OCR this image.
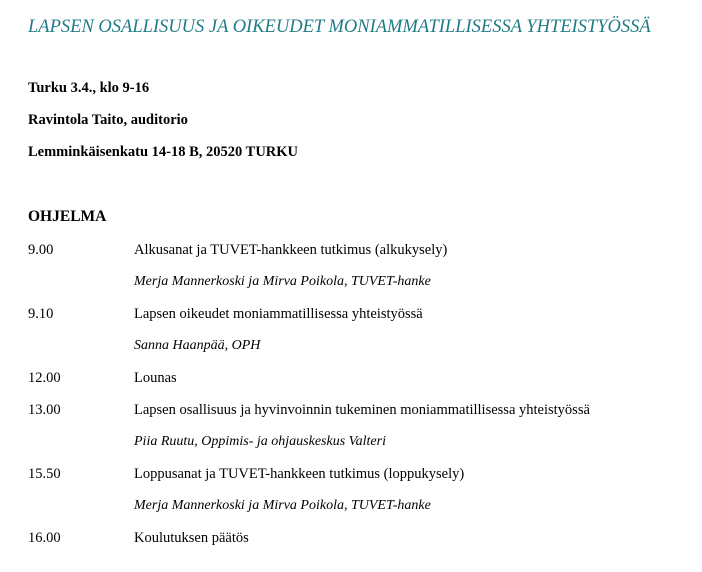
LAPSEN OSALLISUUS JA OIKEUDET MONIAMMATILLISESSA YHTEISTYÖSSÄ
Turku 3.4., klo 9-16
Ravintola Taito, auditorio
Lemminkäisenkatu 14-18 B, 20520 TURKU
OHJELMA
9.00	Alkusanat ja TUVET-hankkeen tutkimus (alkukysely)
Merja Mannerkoski ja Mirva Poikola, TUVET-hanke
9.10	Lapsen oikeudet moniammatillisessa yhteistyössä
Sanna Haanpää, OPH
12.00	Lounas
13.00	Lapsen osallisuus ja hyvinvoinnin tukeminen moniammatillisessa yhteistyössä
Piia Ruutu, Oppimis- ja ohjauskeskus Valteri
15.50	Loppusanat ja TUVET-hankkeen tutkimus (loppukysely)
Merja Mannerkoski ja Mirva Poikola, TUVET-hanke
16.00	Koulutuksen päätös
